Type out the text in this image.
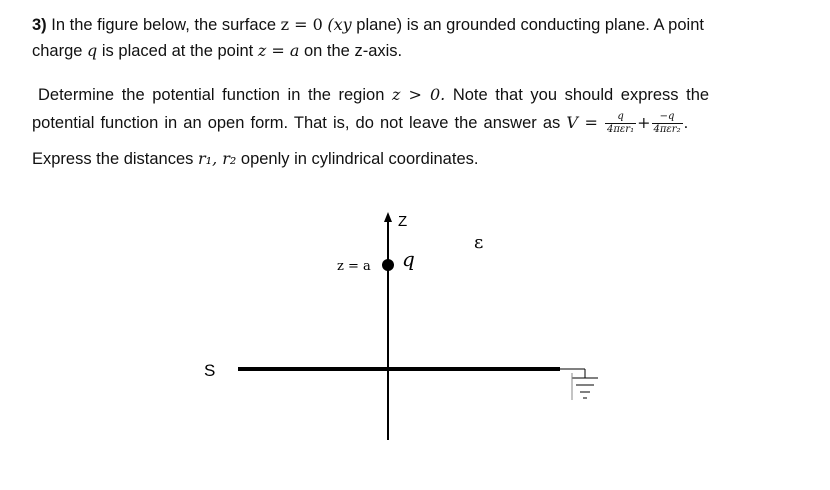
3) In the figure below, the surface z = 0 (xy plane) is an grounded conducting plane. A point
charge q is placed at the point z = a on the z-axis.
Determine the potential function in the region z > 0. Note that you should express the
potential function in an open form. That is, do not leave the answer as $V = \frac{q}{\text{4πεr₁}} + \frac{-q}{\text{4πεr₂}}$ .
Express the distances r₁, r₂ openly in cylindrical coordinates.
Z
q
z = a
ε
S
